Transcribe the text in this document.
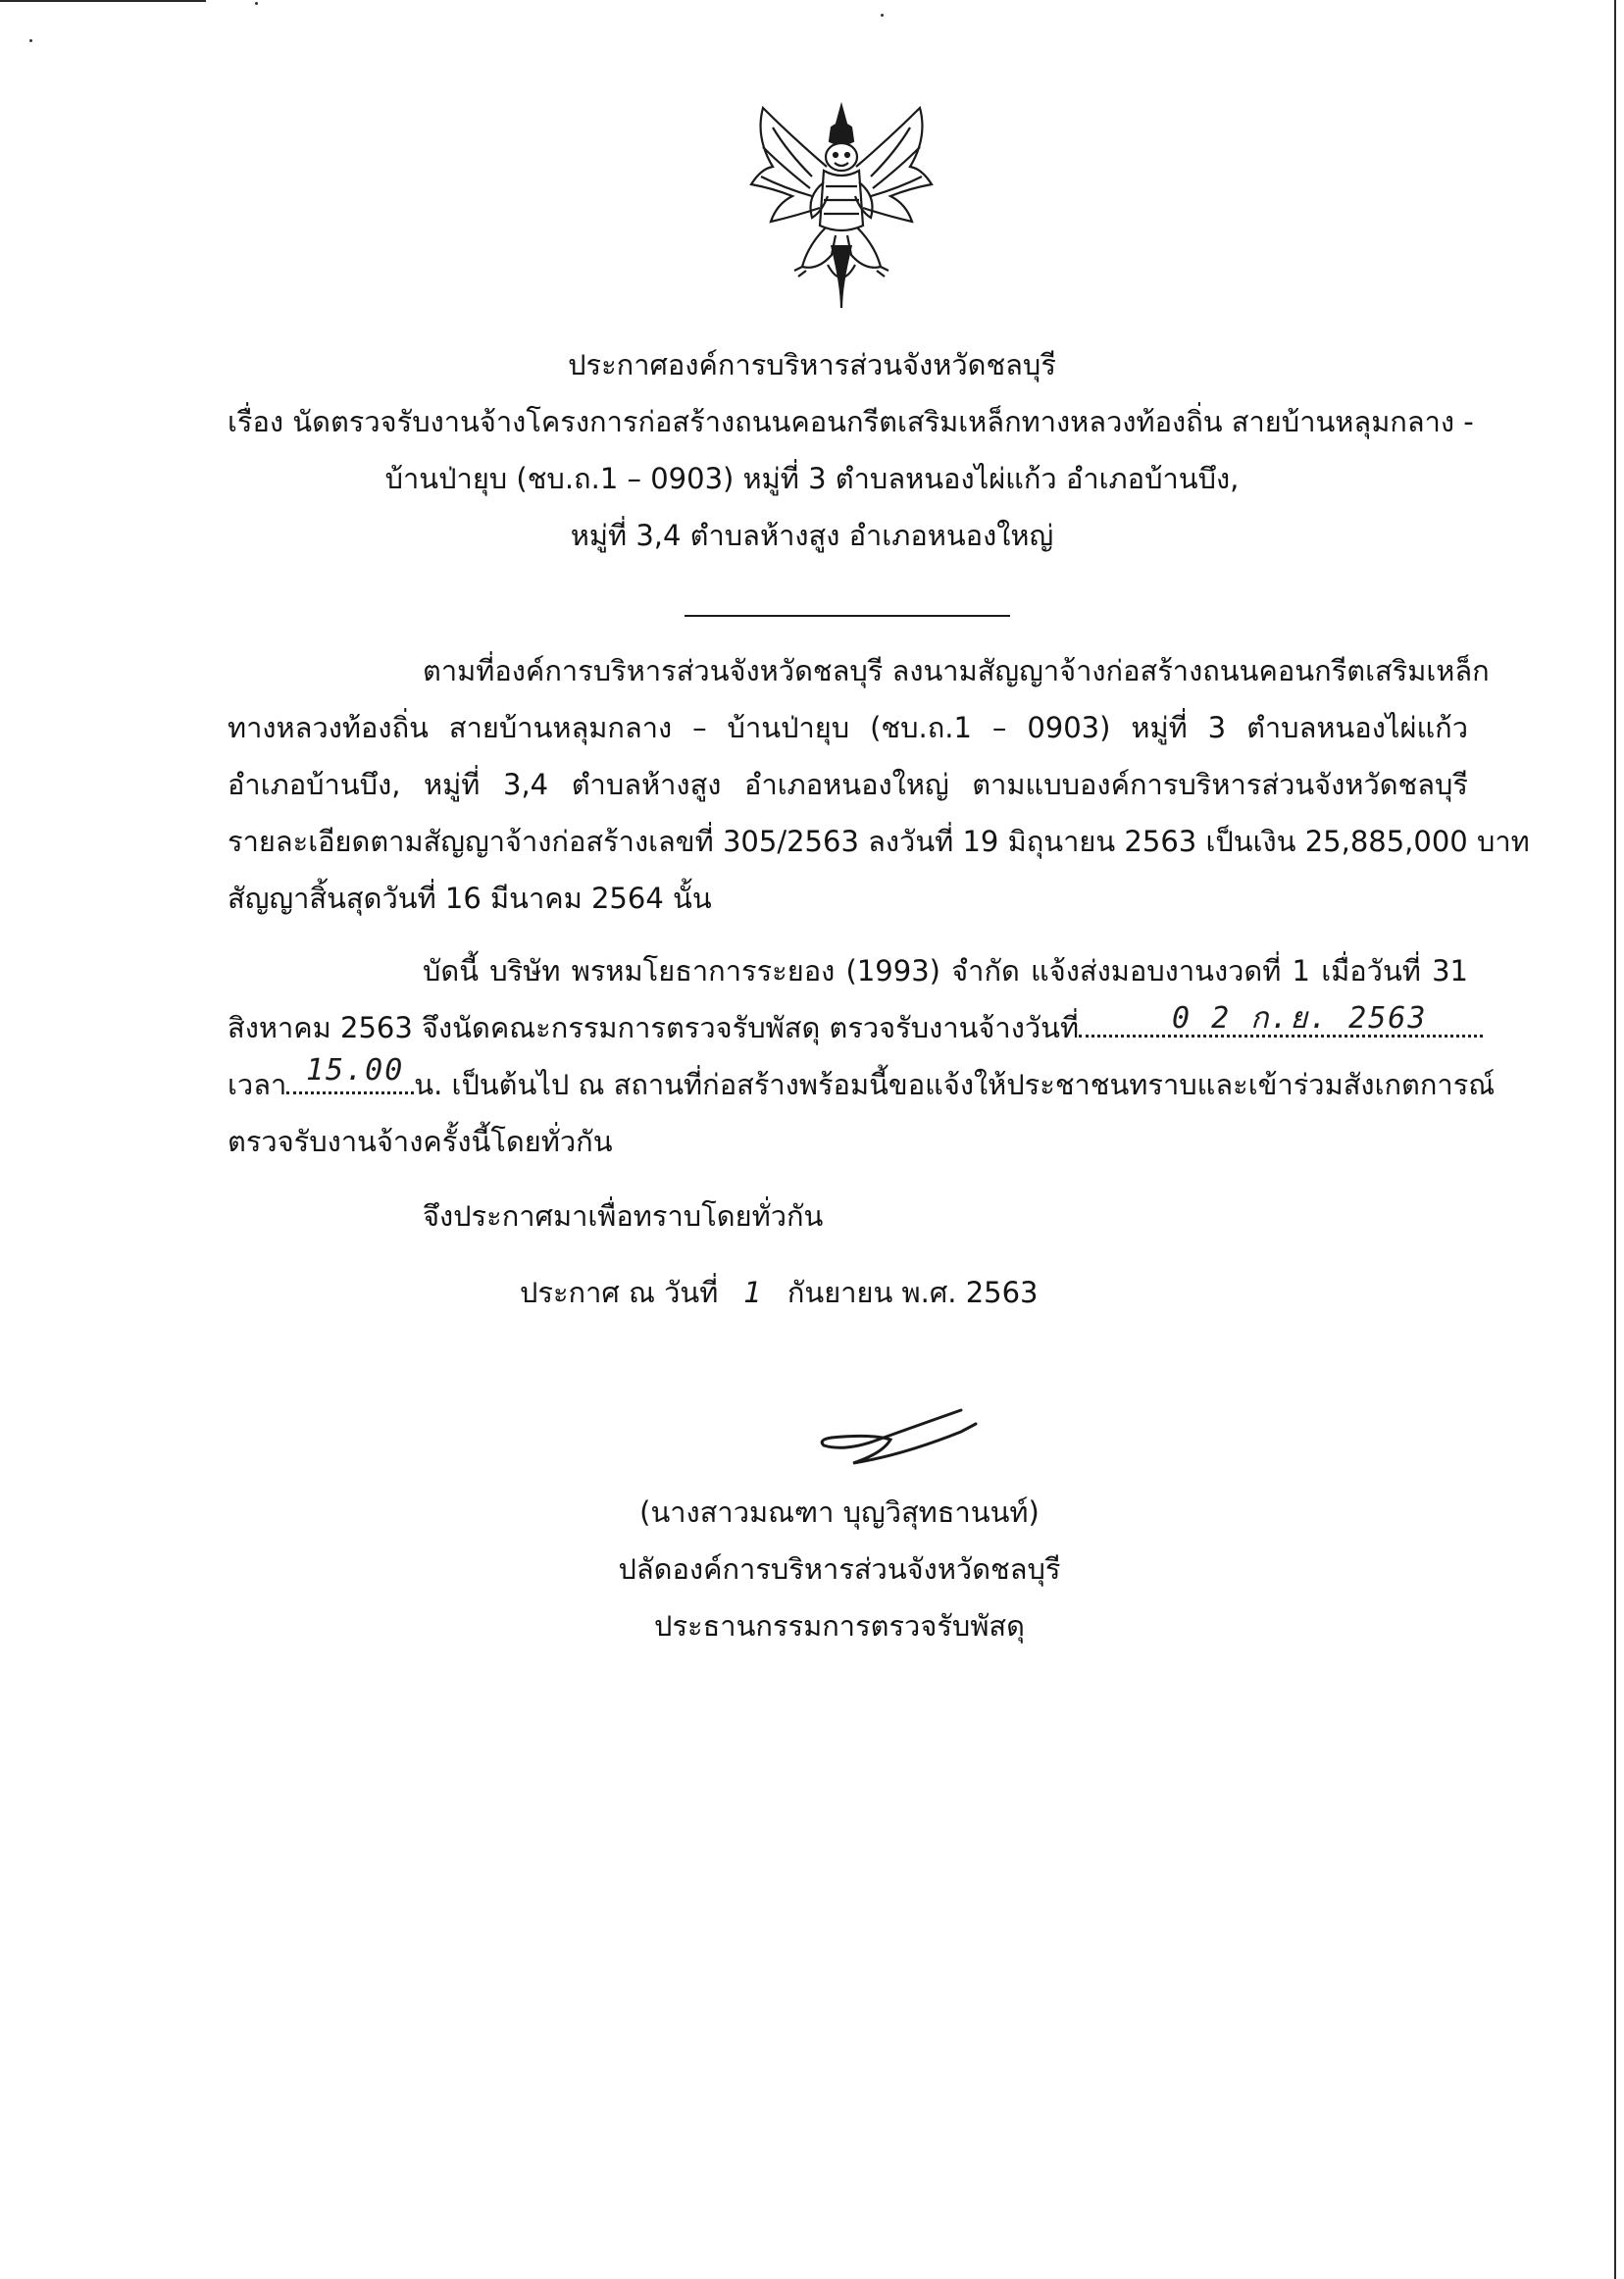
ประกาศองค์การบริหารส่วนจังหวัดชลบุรี
เรื่อง นัดตรวจรับงานจ้างโครงการก่อสร้างถนนคอนกรีตเสริมเหล็กทางหลวงท้องถิ่น สายบ้านหลุมกลาง -
บ้านป่ายุบ (ชบ.ถ.1 – 0903) หมู่ที่ 3 ตำบลหนองไผ่แก้ว อำเภอบ้านบึง,
หมู่ที่ 3,4 ตำบลห้างสูง อำเภอหนองใหญ่
ตามที่องค์การบริหารส่วนจังหวัดชลบุรี ลงนามสัญญาจ้างก่อสร้างถนนคอนกรีตเสริมเหล็ก
ทางหลวงท้องถิ่น สายบ้านหลุมกลาง – บ้านป่ายุบ (ชบ.ถ.1 – 0903) หมู่ที่ 3 ตำบลหนองไผ่แก้ว
อำเภอบ้านบึง, หมู่ที่ 3,4 ตำบลห้างสูง อำเภอหนองใหญ่ ตามแบบองค์การบริหารส่วนจังหวัดชลบุรี
รายละเอียดตามสัญญาจ้างก่อสร้างเลขที่ 305/2563 ลงวันที่ 19 มิถุนายน 2563 เป็นเงิน 25,885,000 บาท
สัญญาสิ้นสุดวันที่ 16 มีนาคม 2564 นั้น
บัดนี้ บริษัท พรหมโยธาการระยอง (1993) จำกัด แจ้งส่งมอบงานงวดที่ 1 เมื่อวันที่ 31
สิงหาคม 2563 จึงนัดคณะกรรมการตรวจรับพัสดุ ตรวจรับงานจ้างวันที่	0 2 ก.ย. 2563
เวลา	น. เป็นต้นไป ณ สถานที่ก่อสร้างพร้อมนี้ขอแจ้งให้ประชาชนทราบและเข้าร่วมสังเกตการณ์
15.00
ตรวจรับงานจ้างครั้งนี้โดยทั่วกัน
จึงประกาศมาเพื่อทราบโดยทั่วกัน
ประกาศ ณ วันที่ 1 กันยายน พ.ศ. 2563
(นางสาวมณฑา บุญวิสุทธานนท์)
ปลัดองค์การบริหารส่วนจังหวัดชลบุรี
ประธานกรรมการตรวจรับพัสดุ
